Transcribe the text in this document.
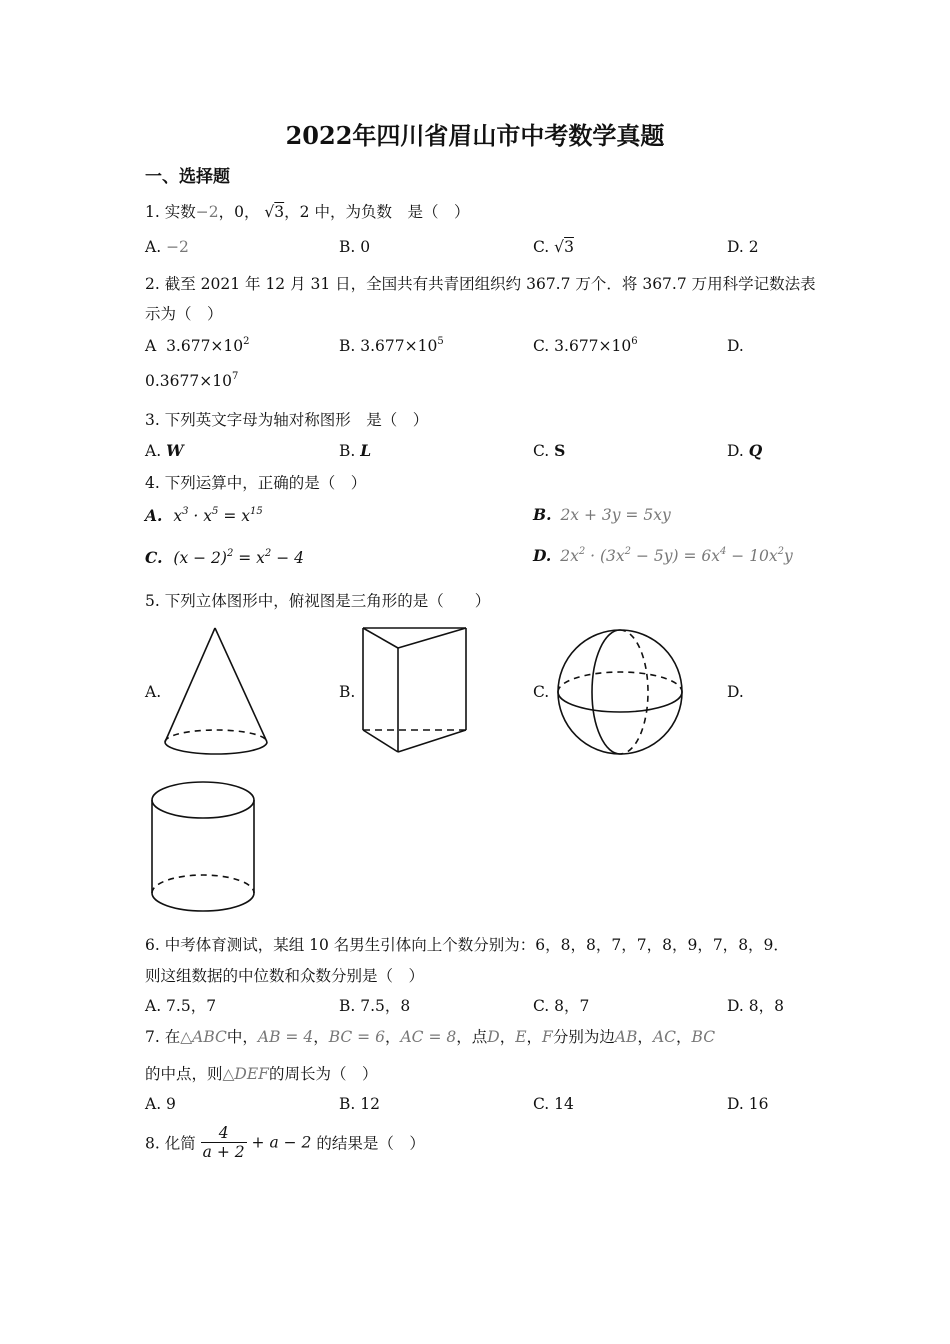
2022年四川省眉山市中考数学真题
一、选择题
1. 实数−2，0， √3，2 中，为负数　是（　）
A. −2	B. 0	C. √3	D. 2
2. 截至 2021 年 12 月 31 日，全国共有共青团组织约 367.7 万个．将 367.7 万用科学记数法表
示为（　）
A $3.677\times 10^2$	B. $3.677\times 10^5$	C. $3.677\times 10^6$	D.
$0.3677\times 10^7$
3. 下列英文字母为轴对称图形　是（　）
A. W	B. L	C. S	D. Q
4. 下列运算中，正确的是（　）
A. $x^3 \cdot x^5 = x^{15}$	B. 2x + 3y = 5xy
C. $(x - 2)^2 = x^2 - 4$	D. $2x^2 \cdot (3x^2 - 5y) = 6x^4 - 10x^2y$
5. 下列立体图形中，俯视图是三角形的是（　　）
A.	B.	C.	D.
6. 中考体育测试，某组 10 名男生引体向上个数分别为：6，8，8，7，7，8，9，7，8，9．
则这组数据的中位数和众数分别是（　）
A. 7.5，7	B. 7.5，8	C. 8，7	D. 8，8
7. 在△ABC中，AB = 4，BC = 6，AC = 8，点D，E，F分别为边AB，AC，BC
的中点，则△DEF的周长为（　）
A. 9	B. 12	C. 14	D. 16
8. 化简 $\frac{4}{a + 2} + a - 2$ 的结果是（　）
